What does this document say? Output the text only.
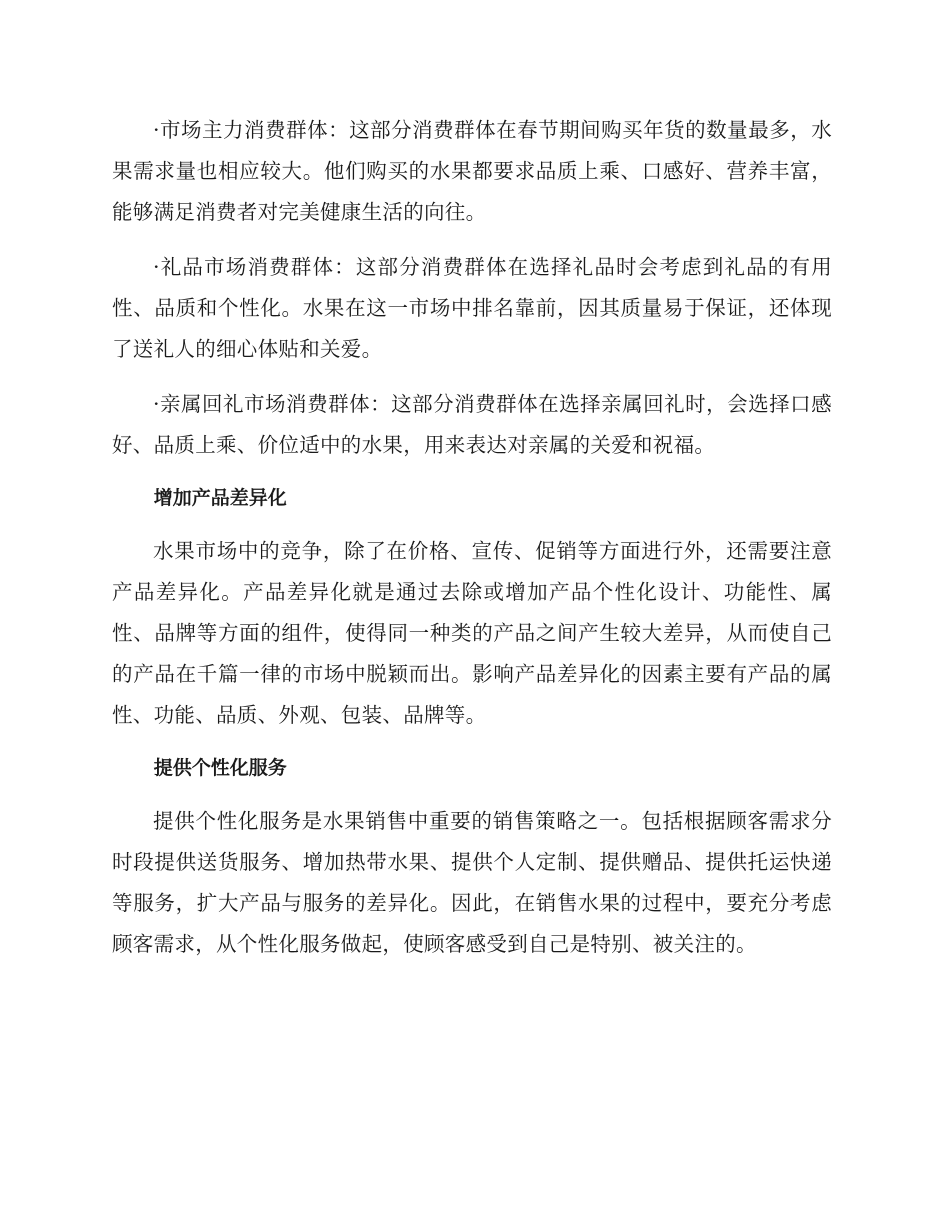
·市场主力消费群体：这部分消费群体在春节期间购买年货的数量最多，水果需求量也相应较大。他们购买的水果都要求品质上乘、口感好、营养丰富，能够满足消费者对完美健康生活的向往。

·礼品市场消费群体：这部分消费群体在选择礼品时会考虑到礼品的有用性、品质和个性化。水果在这一市场中排名靠前，因其质量易于保证，还体现了送礼人的细心体贴和关爱。

·亲属回礼市场消费群体：这部分消费群体在选择亲属回礼时，会选择口感好、品质上乘、价位适中的水果，用来表达对亲属的关爱和祝福。

增加产品差异化

水果市场中的竞争，除了在价格、宣传、促销等方面进行外，还需要注意产品差异化。产品差异化就是通过去除或增加产品个性化设计、功能性、属性、品牌等方面的组件，使得同一种类的产品之间产生较大差异，从而使自己的产品在千篇一律的市场中脱颖而出。影响产品差异化的因素主要有产品的属性、功能、品质、外观、包装、品牌等。

提供个性化服务

提供个性化服务是水果销售中重要的销售策略之一。包括根据顾客需求分时段提供送货服务、增加热带水果、提供个人定制、提供赠品、提供托运快递等服务，扩大产品与服务的差异化。因此，在销售水果的过程中，要充分考虑顾客需求，从个性化服务做起，使顾客感受到自己是特别、被关注的。
